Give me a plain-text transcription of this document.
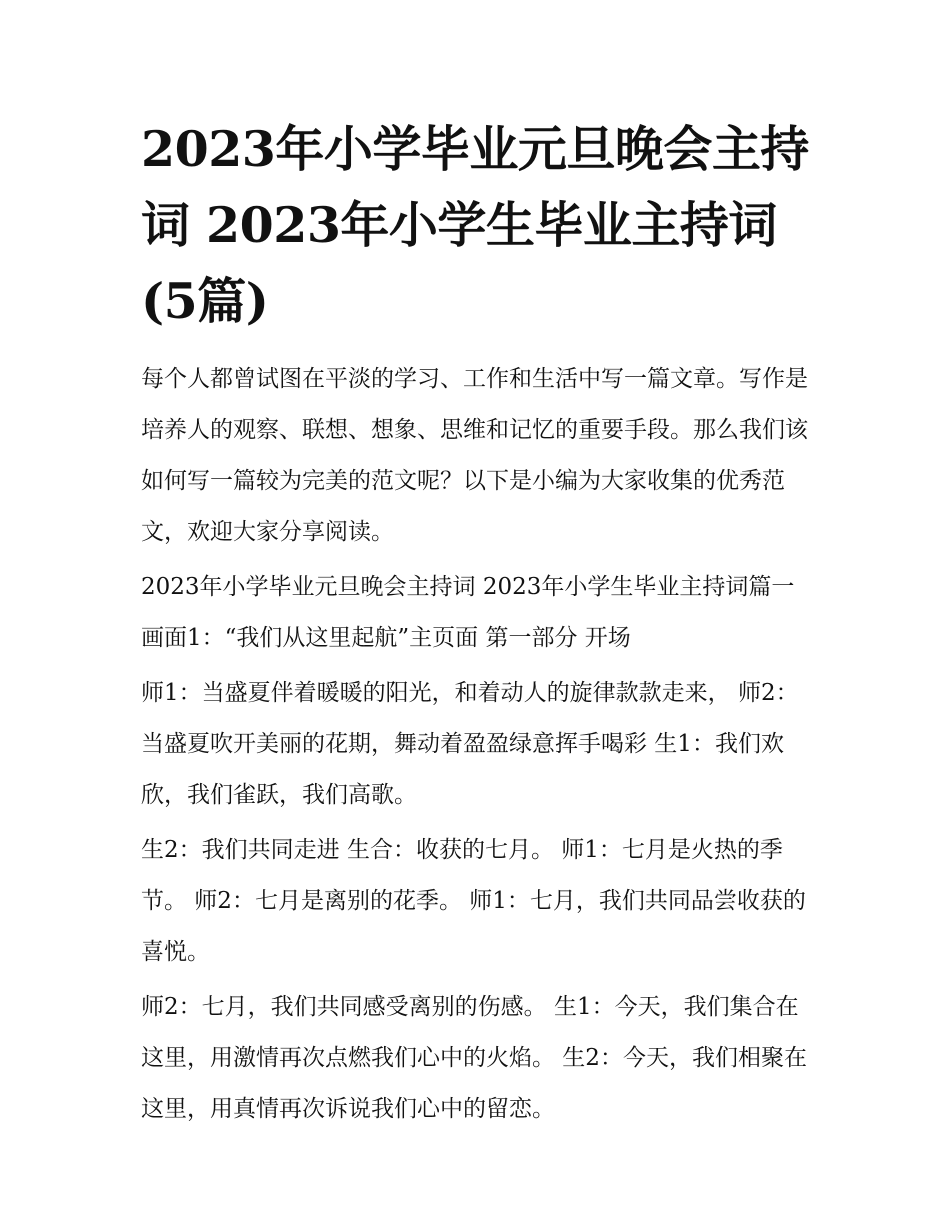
2023年小学毕业元旦晚会主持词 2023年小学生毕业主持词(5篇)

每个人都曾试图在平淡的学习、工作和生活中写一篇文章。写作是培养人的观察、联想、想象、思维和记忆的重要手段。那么我们该如何写一篇较为完美的范文呢？以下是小编为大家收集的优秀范文，欢迎大家分享阅读。

2023年小学毕业元旦晚会主持词 2023年小学生毕业主持词篇一 画面1：“我们从这里起航”主页面 第一部分 开场

师1：当盛夏伴着暖暖的阳光，和着动人的旋律款款走来， 师2：当盛夏吹开美丽的花期，舞动着盈盈绿意挥手喝彩 生1：我们欢欣，我们雀跃，我们高歌。

生2：我们共同走进 生合：收获的七月。 师1：七月是火热的季节。 师2：七月是离别的花季。 师1：七月，我们共同品尝收获的喜悦。

师2：七月，我们共同感受离别的伤感。 生1：今天，我们集合在这里，用激情再次点燃我们心中的火焰。 生2：今天，我们相聚在这里，用真情再次诉说我们心中的留恋。
